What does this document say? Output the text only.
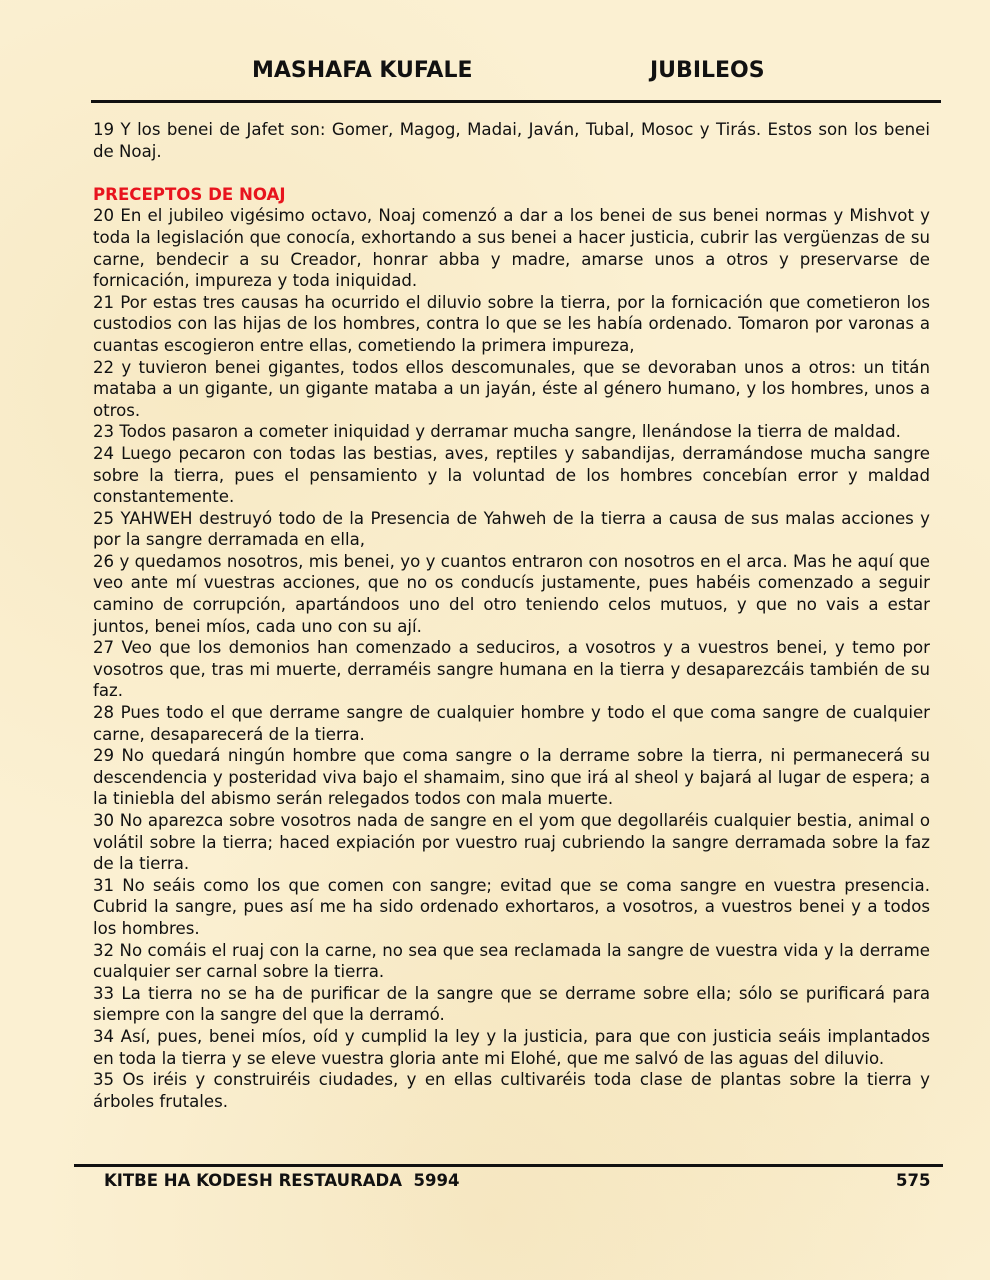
MASHAFA KUFALE	JUBILEOS

19 Y los benei de Jafet son: Gomer, Magog, Madai, Javán, Tubal, Mosoc y Tirás. Estos son los benei de Noaj.

PRECEPTOS DE NOAJ

20 En el jubileo vigésimo octavo, Noaj comenzó a dar a los benei de sus benei normas y Mishvot y toda la legislación que conocía, exhortando a sus benei a hacer justicia, cubrir las vergüenzas de su carne, bendecir a su Creador, honrar abba y madre, amarse unos a otros y preservarse de fornicación, impureza y toda iniquidad.

21 Por estas tres causas ha ocurrido el diluvio sobre la tierra, por la fornicación que cometieron los custodios con las hijas de los hombres, contra lo que se les había ordenado. Tomaron por varonas a cuantas escogieron entre ellas, cometiendo la primera impureza,

22 y tuvieron benei gigantes, todos ellos descomunales, que se devoraban unos a otros: un titán mataba a un gigante, un gigante mataba a un jayán, éste al género humano, y los hombres, unos a otros.

23 Todos pasaron a cometer iniquidad y derramar mucha sangre, llenándose la tierra de maldad.

24 Luego pecaron con todas las bestias, aves, reptiles y sabandijas, derramándose mucha sangre sobre la tierra, pues el pensamiento y la voluntad de los hombres concebían error y maldad constantemente.

25 YAHWEH destruyó todo de la Presencia de Yahweh de la tierra a causa de sus malas acciones y por la sangre derramada en ella,

26 y quedamos nosotros, mis benei, yo y cuantos entraron con nosotros en el arca. Mas he aquí que veo ante mí vuestras acciones, que no os conducís justamente, pues habéis comenzado a seguir camino de corrupción, apartándoos uno del otro teniendo celos mutuos, y que no vais a estar juntos, benei míos, cada uno con su ají.

27 Veo que los demonios han comenzado a seduciros, a vosotros y a vuestros benei, y temo por vosotros que, tras mi muerte, derraméis sangre humana en la tierra y desaparezcáis también de su faz.

28 Pues todo el que derrame sangre de cualquier hombre y todo el que coma sangre de cualquier carne, desaparecerá de la tierra.

29 No quedará ningún hombre que coma sangre o la derrame sobre la tierra, ni permanecerá su descendencia y posteridad viva bajo el shamaim, sino que irá al sheol y bajará al lugar de espera; a la tiniebla del abismo serán relegados todos con mala muerte.

30 No aparezca sobre vosotros nada de sangre en el yom que degollaréis cualquier bestia, animal o volátil sobre la tierra; haced expiación por vuestro ruaj cubriendo la sangre derramada sobre la faz de la tierra.

31 No seáis como los que comen con sangre; evitad que se coma sangre en vuestra presencia. Cubrid la sangre, pues así me ha sido ordenado exhortaros, a vosotros, a vuestros benei y a todos los hombres.

32 No comáis el ruaj con la carne, no sea que sea reclamada la sangre de vuestra vida y la derrame cualquier ser carnal sobre la tierra.

33 La tierra no se ha de purificar de la sangre que se derrame sobre ella; sólo se purificará para siempre con la sangre del que la derramó.

34 Así, pues, benei míos, oíd y cumplid la ley y la justicia, para que con justicia seáis implantados en toda la tierra y se eleve vuestra gloria ante mi Elohé, que me salvó de las aguas del diluvio.

35 Os iréis y construiréis ciudades, y en ellas cultivaréis toda clase de plantas sobre la tierra y árboles frutales.

KITBE HA KODESH RESTAURADA  5994	575
